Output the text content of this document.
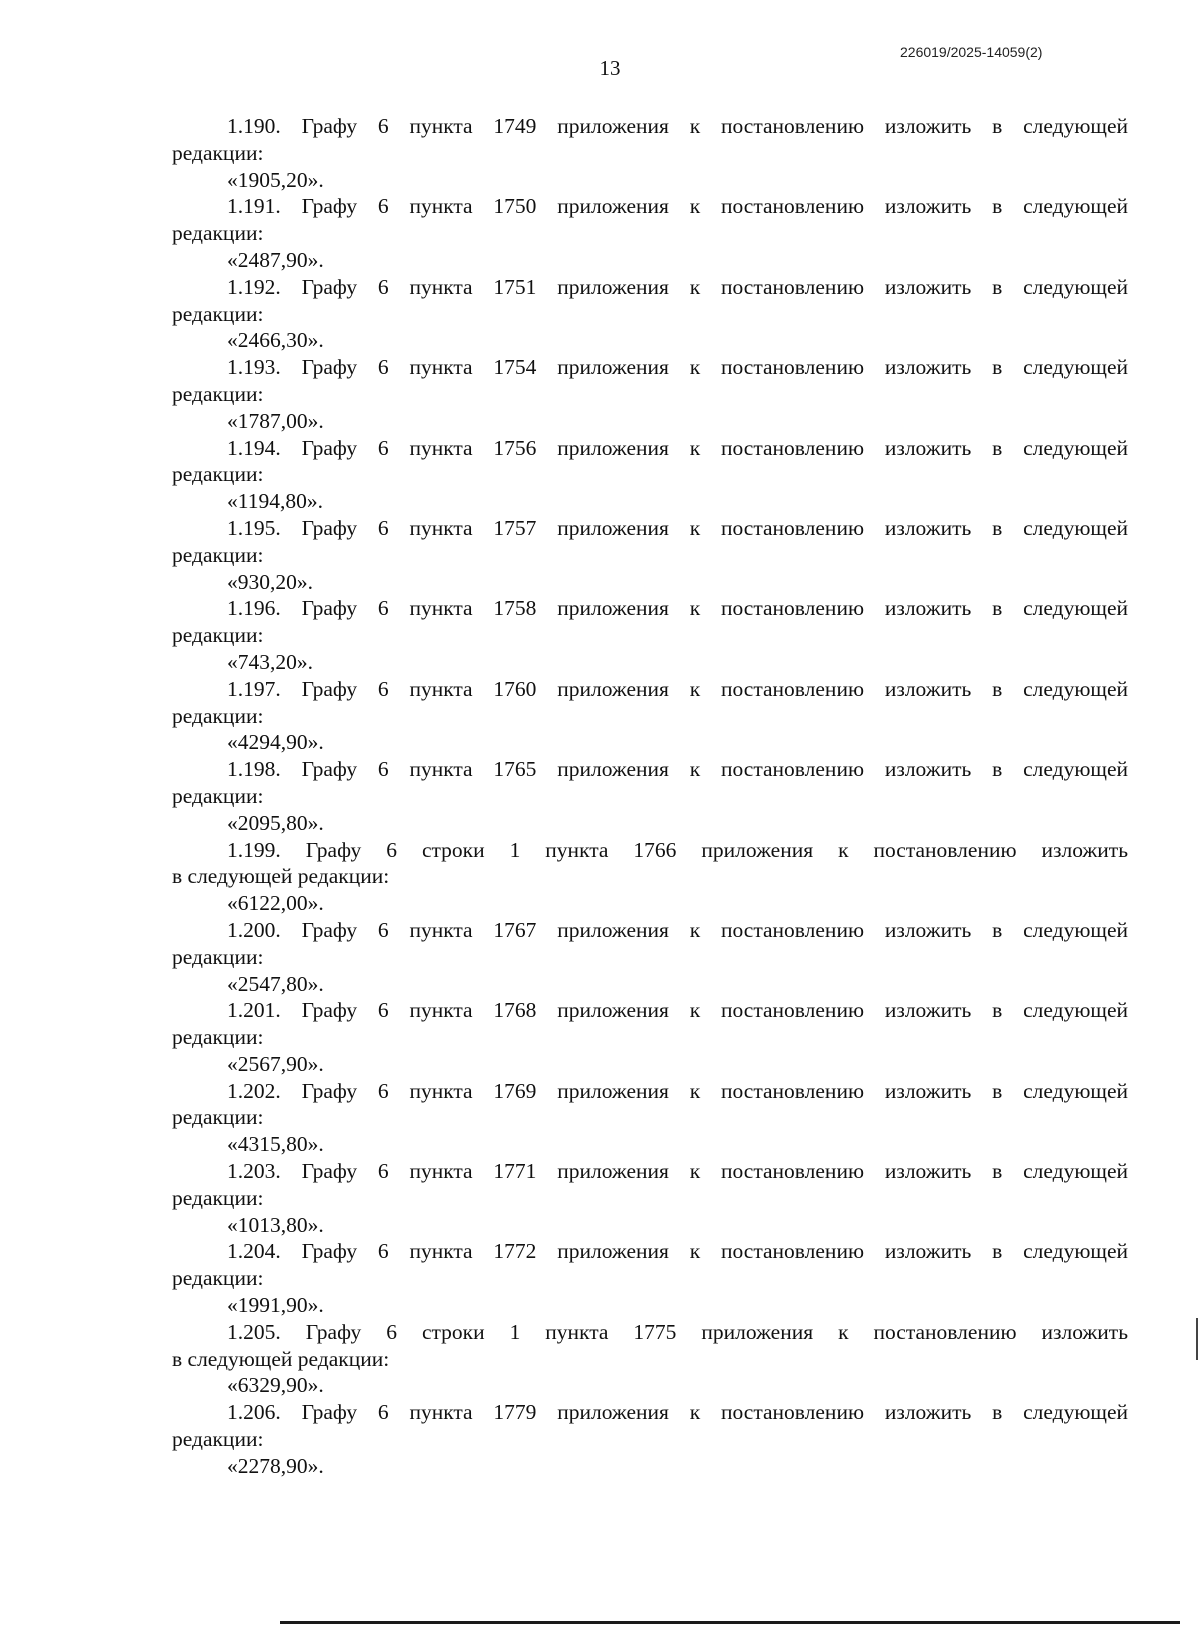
226019/2025-14059(2)
13
1.190. Графу 6 пункта 1749 приложения к постановлению изложить в следующей
редакции:
«1905,20».
1.191. Графу 6 пункта 1750 приложения к постановлению изложить в следующей
редакции:
«2487,90».
1.192. Графу 6 пункта 1751 приложения к постановлению изложить в следующей
редакции:
«2466,30».
1.193. Графу 6 пункта 1754 приложения к постановлению изложить в следующей
редакции:
«1787,00».
1.194. Графу 6 пункта 1756 приложения к постановлению изложить в следующей
редакции:
«1194,80».
1.195. Графу 6 пункта 1757 приложения к постановлению изложить в следующей
редакции:
«930,20».
1.196. Графу 6 пункта 1758 приложения к постановлению изложить в следующей
редакции:
«743,20».
1.197. Графу 6 пункта 1760 приложения к постановлению изложить в следующей
редакции:
«4294,90».
1.198. Графу 6 пункта 1765 приложения к постановлению изложить в следующей
редакции:
«2095,80».
1.199. Графу 6 строки 1 пункта 1766 приложения к постановлению изложить
в следующей редакции:
«6122,00».
1.200. Графу 6 пункта 1767 приложения к постановлению изложить в следующей
редакции:
«2547,80».
1.201. Графу 6 пункта 1768 приложения к постановлению изложить в следующей
редакции:
«2567,90».
1.202. Графу 6 пункта 1769 приложения к постановлению изложить в следующей
редакции:
«4315,80».
1.203. Графу 6 пункта 1771 приложения к постановлению изложить в следующей
редакции:
«1013,80».
1.204. Графу 6 пункта 1772 приложения к постановлению изложить в следующей
редакции:
«1991,90».
1.205. Графу 6 строки 1 пункта 1775 приложения к постановлению изложить
в следующей редакции:
«6329,90».
1.206. Графу 6 пункта 1779 приложения к постановлению изложить в следующей
редакции:
«2278,90».
